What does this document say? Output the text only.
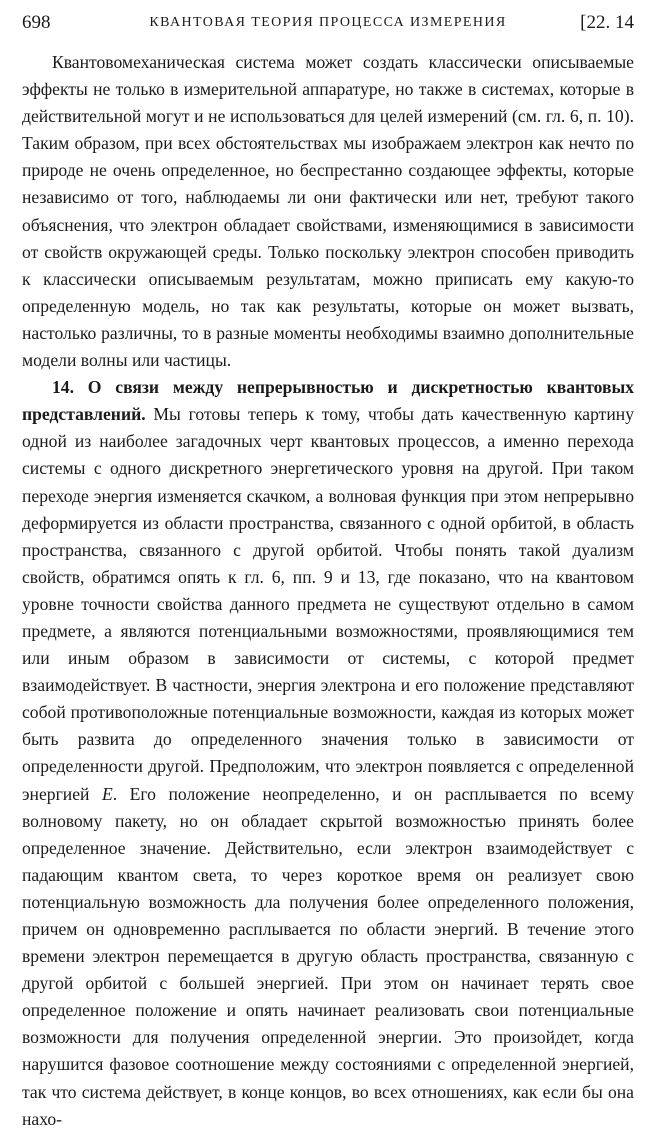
698	КВАНТОВАЯ ТЕОРИЯ ПРОЦЕССА ИЗМЕРЕНИЯ	[22. 14

Квантовомеханическая система может создать классически описываемые эффекты не только в измерительной аппаратуре, но также в системах, которые в действительной могут и не использоваться для целей измерений (см. гл. 6, п. 10). Таким образом, при всех обстоятельствах мы изображаем электрон как нечто по природе не очень определенное, но беспрестанно создающее эффекты, которые независимо от того, наблюдаемы ли они фактически или нет, требуют такого объяснения, что электрон обладает свойствами, изменяющимися в зависимости от свойств окружающей среды. Только поскольку электрон способен приводить к классически описываемым результатам, можно приписать ему какую-то определенную модель, но так как результаты, которые он может вызвать, настолько различны, то в разные моменты необходимы взаимно дополнительные модели волны или частицы.

14. О связи между непрерывностью и дискретностью квантовых представлений. Мы готовы теперь к тому, чтобы дать качественную картину одной из наиболее загадочных черт квантовых процессов, а именно перехода системы с одного дискретного энергетического уровня на другой. При таком переходе энергия изменяется скачком, а волновая функция при этом непрерывно деформируется из области пространства, связанного с одной орбитой, в область пространства, связанного с другой орбитой. Чтобы понять такой дуализм свойств, обратимся опять к гл. 6, пп. 9 и 13, где показано, что на квантовом уровне точности свойства данного предмета не существуют отдельно в самом предмете, а являются потенциальными возможностями, проявляющимися тем или иным образом в зависимости от системы, с которой предмет взаимодействует. В частности, энергия электрона и его положение представляют собой противоположные потенциальные возможности, каждая из которых может быть развита до определенного значения только в зависимости от определенности другой. Предположим, что электрон появляется с определенной энергией E. Его положение неопределенно, и он расплывается по всему волновому пакету, но он обладает скрытой возможностью принять более определенное значение. Действительно, если электрон взаимодействует с падающим квантом света, то через короткое время он реализует свою потенциальную возможность дла получения более определенного положения, причем он одновременно расплывается по области энергий. В течение этого времени электрон перемещается в другую область пространства, связанную с другой орбитой с большей энергией. При этом он начинает терять свое определенное положение и опять начинает реализовать свои потенциальные возможности для получения определенной энергии. Это произойдет, когда нарушится фазовое соотношение между состояниями с определенной энергией, так что система действует, в конце концов, во всех отношениях, как если бы она нахо-
